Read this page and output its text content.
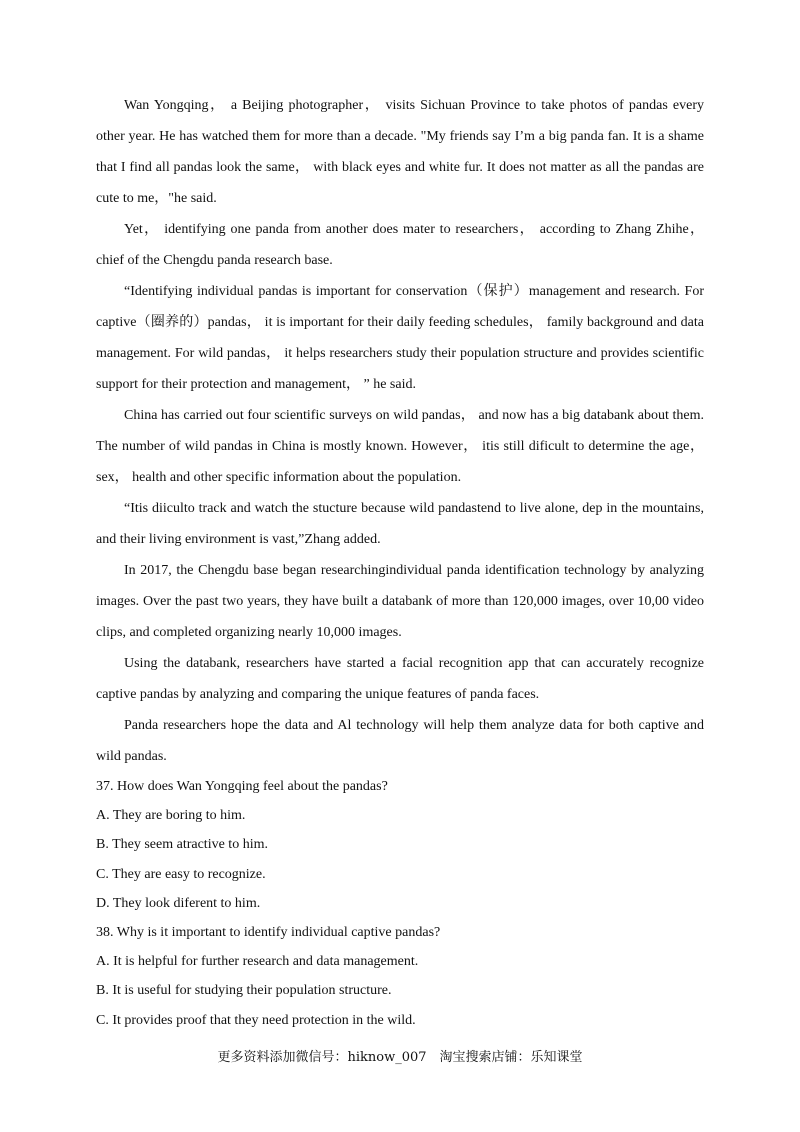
Wan Yongqing， a Beijing photographer， visits Sichuan Province to take photos of pandas every other year. He has watched them for more than a decade. "My friends say I’m a big panda fan. It is a shame that I find all pandas look the same， with black eyes and white fur. It does not matter as all the pandas are cute to me，"he said.

Yet， identifying one panda from another does mater to researchers， according to Zhang Zhihe， chief of the Chengdu panda research base.

“Identifying individual pandas is important for conservation（保护）management and research. For captive（圈养的）pandas， it is important for their daily feeding schedules， family background and data management. For wild pandas， it helps researchers study their population structure and provides scientific support for their protection and management， ” he said.

China has carried out four scientific surveys on wild pandas， and now has a big databank about them. The number of wild pandas in China is mostly known. However， itis still dificult to determine the age， sex， health and other specific information about the population.

“Itis diiculto track and watch the stucture because wild pandastend to live alone, dep in the mountains, and their living environment is vast,”Zhang added.

In 2017, the Chengdu base began researchingindividual panda identification technology by analyzing images. Over the past two years, they have built a databank of more than 120,000 images, over 10,00 video clips, and completed organizing nearly 10,000 images.

Using the databank, researchers have started a facial recognition app that can accurately recognize captive pandas by analyzing and comparing the unique features of panda faces.

Panda researchers hope the data and Al technology will help them analyze data for both captive and wild pandas.

37. How does Wan Yongqing feel about the pandas?

A. They are boring to him.

B. They seem atractive to him.

C. They are easy to recognize.

D. They look diferent to him.

38. Why is it important to identify individual captive pandas?

A. It is helpful for further research and data management.

B. It is useful for studying their population structure.

C. It provides proof that they need protection in the wild.

更多资料添加微信号：hiknow_007　淘宝搜索店铺：乐知课堂
